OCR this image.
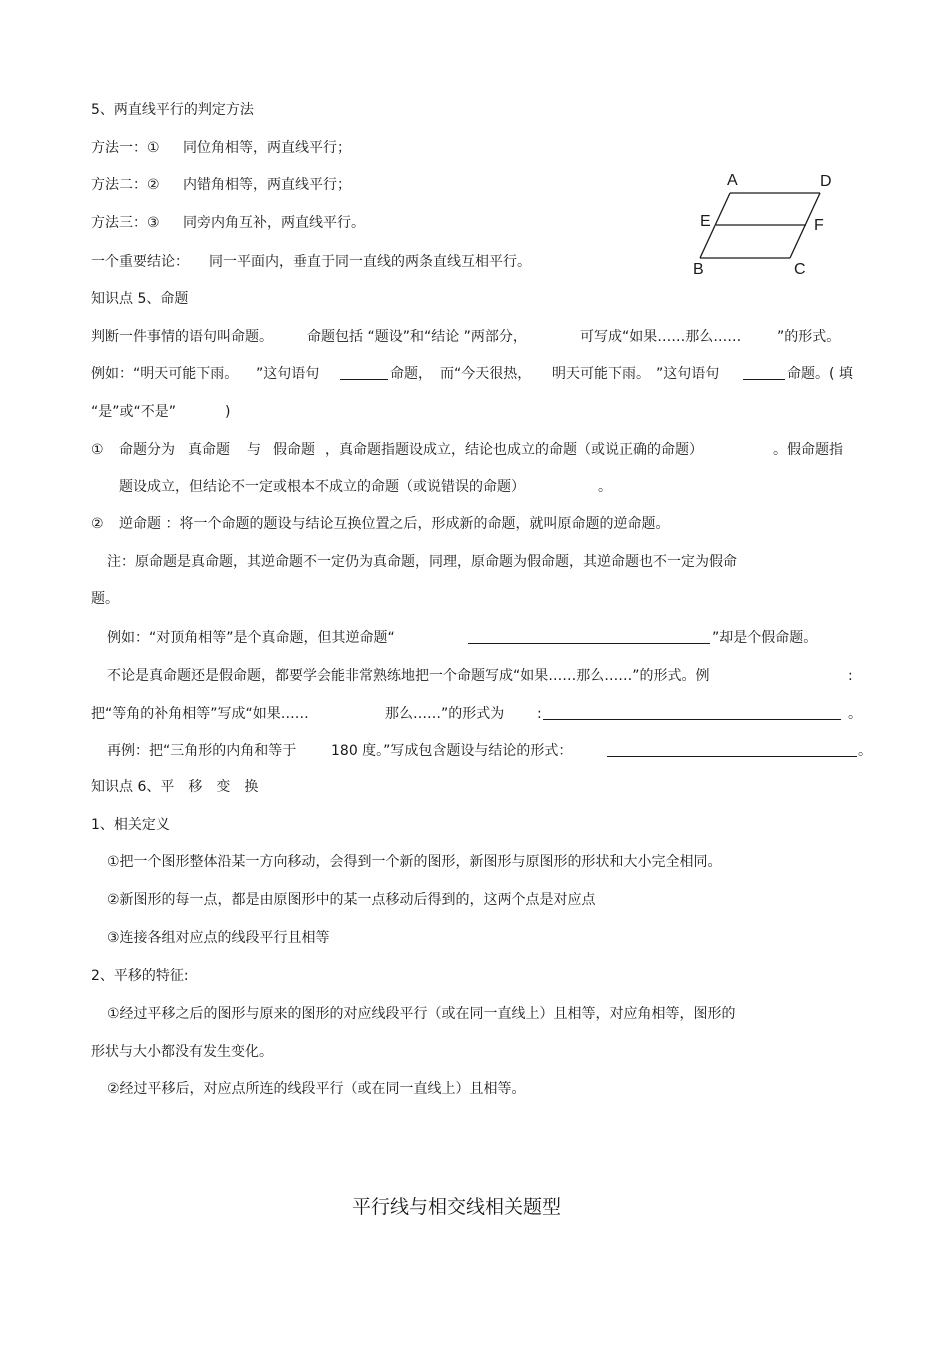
5、两直线平行的判定方法
方法一：① 同位角相等，两直线平行；
方法二：② 内错角相等，两直线平行；
方法三：③ 同旁内角互补，两直线平行。
一个重要结论： 同一平面内，垂直于同一直线的两条直线互相平行。
A	D
E	F
B	C
知识点 5、命题
判断一件事情的语句叫命题。 命题包括 “题设”和“结论 ”两部分，	可写成“如果……那么……	”的形式。
例如：“明天可能下雨。 ”这句语句	命题， 而“今天很热， 明天可能下雨。 ”这句语句	命题。( 填
“是”或“不是”	)
① 命题分为 真命题 与 假命题 ，真命题指题设成立，结论也成立的命题（或说正确的命题）	。假命题指
题设成立，但结论不一定或根本不成立的命题（或说错误的命题）	。
② 逆命题 ：将一个命题的题设与结论互换位置之后，形成新的命题，就叫原命题的逆命题。
注：原命题是真命题，其逆命题不一定仍为真命题，同理，原命题为假命题，其逆命题也不一定为假命
题。
例如：“对顶角相等”是个真命题，但其逆命题“	”却是个假命题。
不论是真命题还是假命题，都要学会能非常熟练地把一个命题写成“如果……那么……”的形式。例	:
把“等角的补角相等”写成“如果……	那么……”的形式为 :	。
再例：把“三角形的内角和等于 180 度。”写成包含题设与结论的形式：	。
知识点 6、平　移　变　换
1、相关定义
①把一个图形整体沿某一方向移动，会得到一个新的图形，新图形与原图形的形状和大小完全相同。
②新图形的每一点，都是由原图形中的某一点移动后得到的，这两个点是对应点
③连接各组对应点的线段平行且相等
2、平移的特征:
①经过平移之后的图形与原来的图形的对应线段平行（或在同一直线上）且相等，对应角相等，图形的
形状与大小都没有发生变化。
②经过平移后，对应点所连的线段平行（或在同一直线上）且相等。
平行线与相交线相关题型
